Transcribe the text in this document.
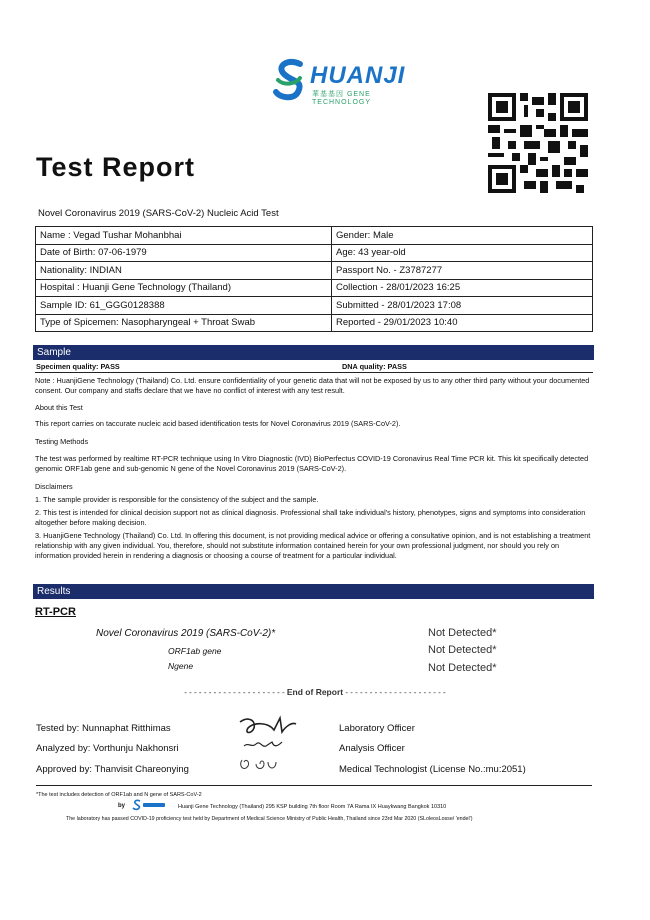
HUANJI
華基基因 GENE TECHNOLOGY
Test Report
Novel Coronavirus 2019 (SARS-CoV-2) Nucleic Acid Test
Name : Vegad Tushar Mohanbhai	Gender: Male
Date of Birth: 07-06-1979	Age: 43 year-old
Nationality: INDIAN	Passport No. - Z3787277
Hospital : Huanji Gene Technology (Thailand)	Collection - 28/01/2023 16:25
Sample ID: 61_GGG0128388	Submitted - 28/01/2023 17:08
Type of Spicemen: Nasopharyngeal + Throat Swab	Reported - 29/01/2023 10:40
Sample
Specimen quality: PASS	DNA quality: PASS
Note : HuanjiGene Technology (Thailand) Co. Ltd. ensure confidentiality of your genetic data that will not be exposed by us to any other third party without your documented consent. Our company and staffs declare that we have no conflict of interest with any test result.
About this Test
This report carries on taccurate nucleic acid based identification tests for Novel Coronavirus 2019 (SARS-CoV-2).
Testing Methods
The test was performed by realtime RT-PCR technique using In Vitro Diagnostic (IVD) BioPerfectus COVID-19 Coronavirus Real Time PCR kit. This kit specifically detected genomic ORF1ab gene and sub-genomic N gene of the Novel Coronavirus 2019 (SARS-CoV-2).
Disclaimers
1. The sample provider is responsible for the consistency of the subject and the sample.
2. This test is intended for clinical decision support not as clinical diagnosis. Professional shall take individual's history, phenotypes, signs and symptoms into consideration altogether before making decision.
3. HuanjiGene Technology (Thailand) Co. Ltd. In offering this document, is not providing medical advice or offering a consultative opinion, and is not establishing a treatment relationship with any given individual. You, therefore, should not substitute information contained herein for your own professional judgment, nor should you rely on information provided herein in rendering a diagnosis or choosing a course of treatment for a particular individual.
Results
RT-PCR
Novel Coronavirus 2019 (SARS-CoV-2)*	Not Detected*
ORF1ab gene	Not Detected*
Ngene	Not Detected*
- - - - - - - - - - - - - - - - - - - - - End of Report - - - - - - - - - - - - - - - - - - - - -
Tested by: Nunnaphat Ritthimas	Laboratory Officer
Analyzed by: Vorthunju Nakhonsri	Analysis Officer
Approved by: Thanvisit Chareonying	Medical Technologist (License No.:mu:2051)
*The test includes detection of ORF1ab and N gene of SARS-CoV-2
by	Huanji Gene Technology (Thailand) 295 KSP building 7th floor Room 7A Rama IX Huaykwang Bangkok 10310
The laboratory has passed COVID-19 proficiency test held by Department of Medical Science Ministry of Public Health, Thailand since 23rd Mar 2020 (SLoleosLosse/ 'endel')
